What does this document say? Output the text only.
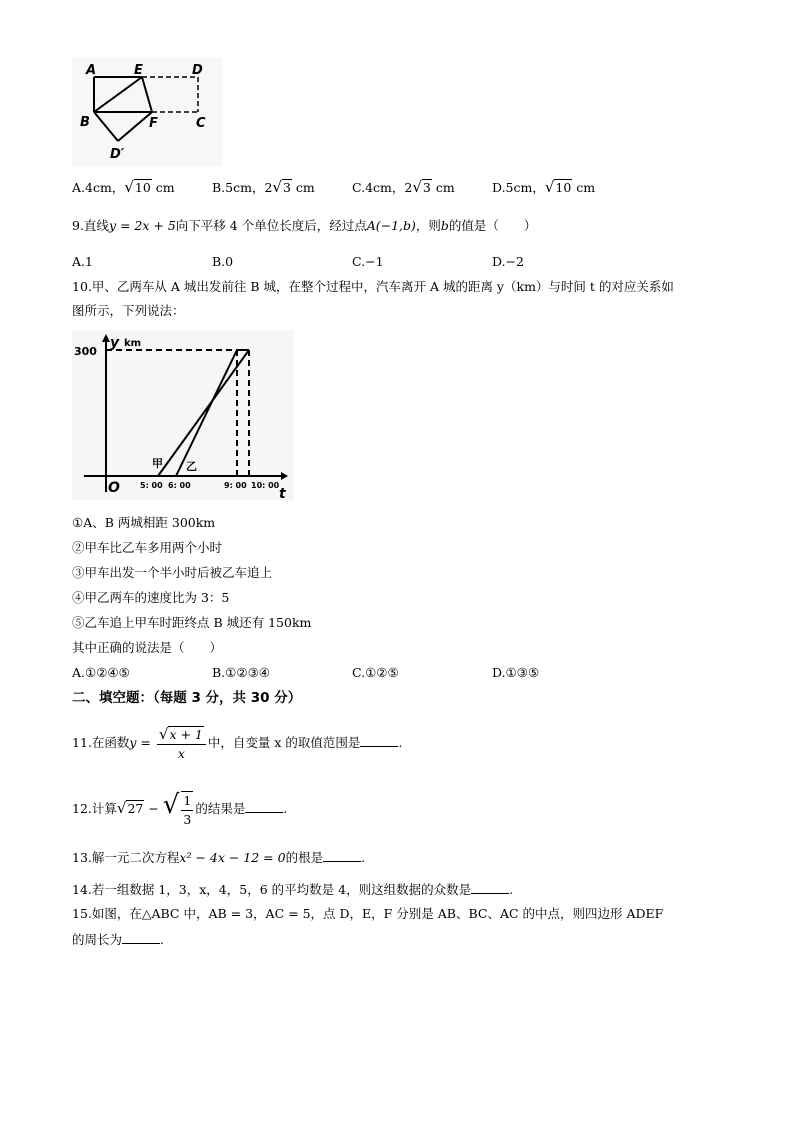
A	E	D
B	F	C
D′
A.4cm，√10 cm	B.5cm，2√3 cm	C.4cm，2√3 cm	D.5cm，√10 cm
9.直线y = 2x + 5向下平移 4 个单位长度后，经过点A(−1,b)，则b的值是（　　）
A.1	B.0	C.−1	D.−2
10.甲、乙两车从 A 城出发前往 B 城，在整个过程中，汽车离开 A 城的距离 y（km）与时间 t 的对应关系如
图所示，下列说法：
300
y km
O	t
甲 乙
5: 00 6: 00	9: 00 10: 00
①A、B 两城相距 300km
②甲车比乙车多用两个小时
③甲车出发一个半小时后被乙车追上
④甲乙两车的速度比为 3：5
⑤乙车追上甲车时距终点 B 城还有 150km
其中正确的说法是（　　）
A.①②④⑤	B.①②③④	C.①②⑤	D.①③⑤
二、填空题：（每题 3 分，共 30 分）
11.在函数$y = \frac{√x + 1}{x}$ 中，自变量 x 的取值范围是	.
12.计算√27 − √ $\frac{1}{3}$ 的结果是	.
13.解一元二次方程x² − 4x − 12 = 0的根是	.
14.若一组数据 1，3，x，4，5，6 的平均数是 4，则这组数据的众数是	.
15.如图，在△ABC 中，AB = 3，AC = 5，点 D，E，F 分别是 AB、BC、AC 的中点，则四边形 ADEF
的周长为	.
